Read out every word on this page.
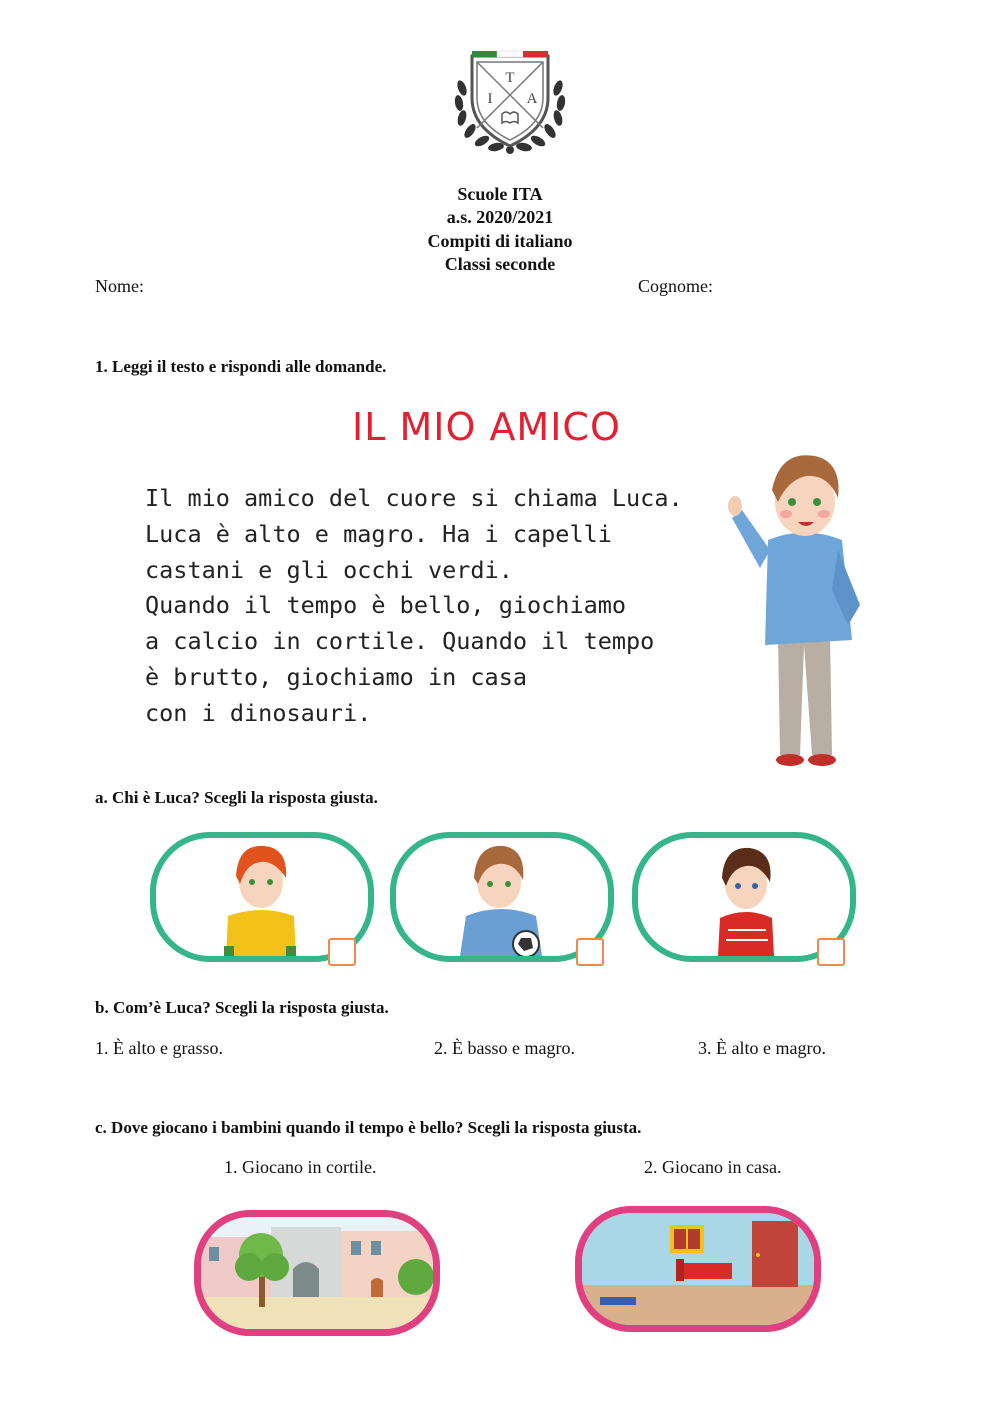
T
I A
Scuole ITA
a.s. 2020/2021
Compiti di italiano
Classi seconde
Nome:	Cognome:
1. Leggi il testo e rispondi alle domande.
IL MIO AMICO
Il mio amico del cuore si chiama Luca.
Luca è alto e magro. Ha i capelli
castani e gli occhi verdi.
Quando il tempo è bello, giochiamo
a calcio in cortile. Quando il tempo
è brutto, giochiamo in casa
con i dinosauri.
a. Chi è Luca? Scegli la risposta giusta.
b. Com’è Luca? Scegli la risposta giusta.
1. È alto e grasso.	2. È basso e magro.	3. È alto e magro.
c. Dove giocano i bambini quando il tempo è bello? Scegli la risposta giusta.
1. Giocano in cortile.	2. Giocano in casa.
